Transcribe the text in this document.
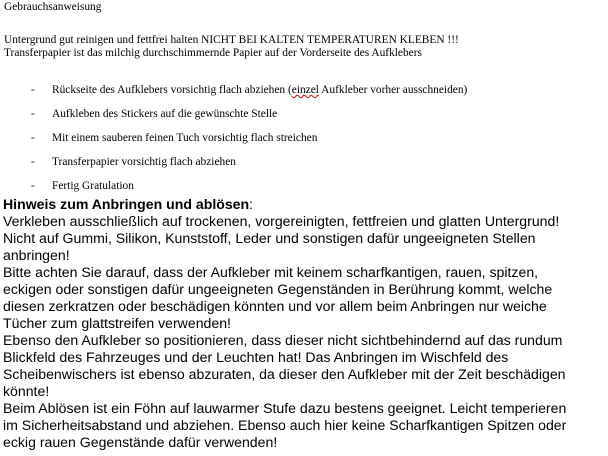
Gebrauchsanweisung
Untergrund gut reinigen und fettfrei halten NICHT BEI KALTEN TEMPERATUREN KLEBEN !!!
Transferpapier ist das milchig durchschimmernde Papier auf der Vorderseite des Aufklebers
- Rückseite des Aufklebers vorsichtig flach abziehen (einzel Aufkleber vorher ausschneiden)
- Aufkleben des Stickers auf die gewünschte Stelle
- Mit einem sauberen feinen Tuch vorsichtig flach streichen
- Transferpapier vorsichtig flach abziehen
- Fertig Gratulation
Hinweis zum Anbringen und ablösen:
Verkleben ausschließlich auf trockenen, vorgereinigten, fettfreien und glatten Untergrund!
Nicht auf Gummi, Silikon, Kunststoff, Leder und sonstigen dafür ungeeigneten Stellen
anbringen!
Bitte achten Sie darauf, dass der Aufkleber mit keinem scharfkantigen, rauen, spitzen,
eckigen oder sonstigen dafür ungeeigneten Gegenständen in Berührung kommt, welche
diesen zerkratzen oder beschädigen könnten und vor allem beim Anbringen nur weiche
Tücher zum glattstreifen verwenden!
Ebenso den Aufkleber so positionieren, dass dieser nicht sichtbehindernd auf das rundum
Blickfeld des Fahrzeuges und der Leuchten hat! Das Anbringen im Wischfeld des
Scheibenwischers ist ebenso abzuraten, da dieser den Aufkleber mit der Zeit beschädigen
könnte!
Beim Ablösen ist ein Föhn auf lauwarmer Stufe dazu bestens geeignet. Leicht temperieren
im Sicherheitsabstand und abziehen. Ebenso auch hier keine Scharfkantigen Spitzen oder
eckig rauen Gegenstände dafür verwenden!
